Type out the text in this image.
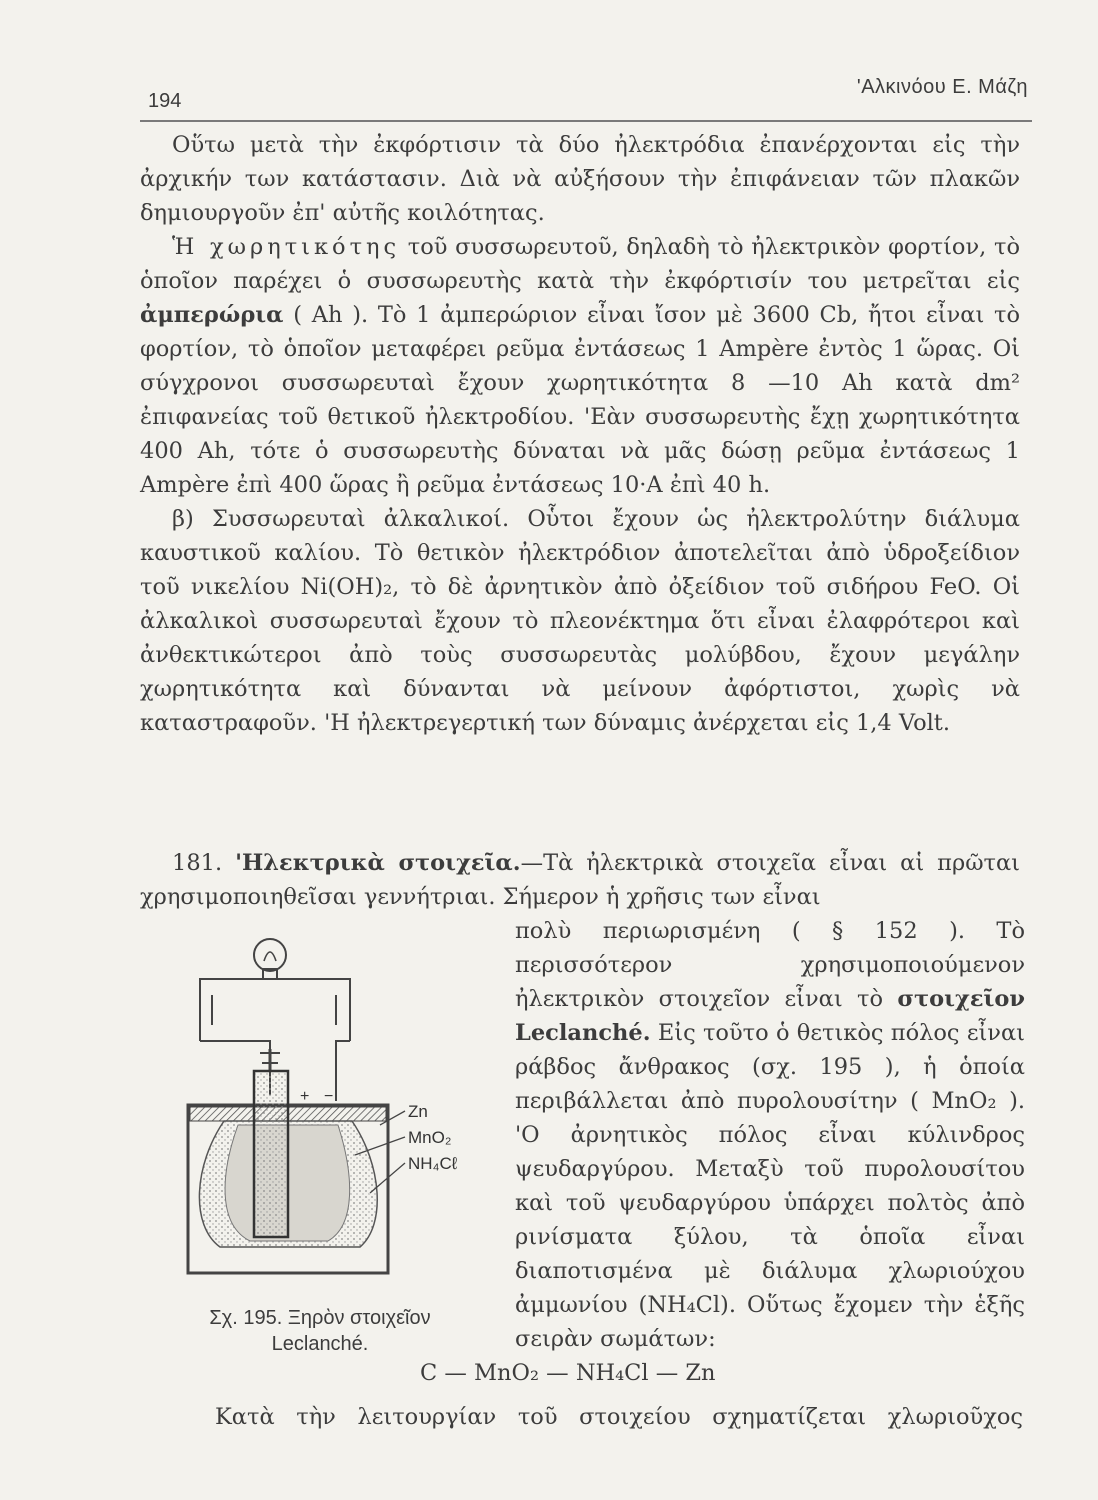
194
'Αλκινόου Ε. Μάζη

Οὕτω μετὰ τὴν ἐκφόρτισιν τὰ δύο ἠλεκτρόδια ἐπανέρχονται εἰς τὴν ἀρχικήν των κατάστασιν. Διὰ νὰ αὐξήσουν τὴν ἐπιφάνειαν τῶν πλακῶν δημιουργοῦν ἐπ' αὐτῆς κοιλότητας.

Ἡ χωρητικότης τοῦ συσσωρευτοῦ, δηλαδὴ τὸ ἠλεκτρικὸν φορτίον, τὸ ὁποῖον παρέχει ὁ συσσωρευτὴς κατὰ τὴν ἐκφόρτισίν του μετρεῖται εἰς ἀμπερώρια ( Ah ). Τὸ 1 ἀμπερώριον εἶναι ἴσον μὲ 3600 Cb, ἤτοι εἶναι τὸ φορτίον, τὸ ὁποῖον μεταφέρει ρεῦμα ἐντάσεως 1 Ampère ἐντὸς 1 ὥρας. Οἱ σύγχρονοι συσσωρευταὶ ἔχουν χωρητικότητα 8 —10 Ah κατὰ dm² ἐπιφανείας τοῦ θετικοῦ ἠλεκτροδίου. 'Εὰν συσσωρευτὴς ἔχῃ χωρητικότητα 400 Ah, τότε ὁ συσσωρευτὴς δύναται νὰ μᾶς δώσῃ ρεῦμα ἐντάσεως 1 Ampère ἐπὶ 400 ὥρας ἢ ρεῦμα ἐντάσεως 10·A ἐπὶ 40 h.

β) Συσσωρευταὶ ἀλκαλικοί. Οὗτοι ἔχουν ὡς ἠλεκτρολύτην διάλυμα καυστικοῦ καλίου. Τὸ θετικὸν ἠλεκτρόδιον ἀποτελεῖται ἀπὸ ὑδροξείδιον τοῦ νικελίου Ni(OH)₂, τὸ δὲ ἀρνητικὸν ἀπὸ ὀξείδιον τοῦ σιδήρου FeO. Οἱ ἀλκαλικοὶ συσσωρευταὶ ἔχουν τὸ πλεονέκτημα ὅτι εἶναι ἐλαφρότεροι καὶ ἀνθεκτικώτεροι ἀπὸ τοὺς συσσωρευτὰς μολύβδου, ἔχουν μεγάλην χωρητικότητα καὶ δύνανται νὰ μείνουν ἀφόρτιστοι, χωρὶς νὰ καταστραφοῦν. 'Η ἠλεκτρεγερτική των δύναμις ἀνέρχεται εἰς 1,4 Volt.

181. 'Ηλεκτρικὰ στοιχεῖα.—Τὰ ἠλεκτρικὰ στοιχεῖα εἶναι αἱ πρῶται χρησιμοποιηθεῖσαι γεννήτριαι. Σήμερον ἡ χρῆσις των εἶναι

πολὺ περιωρισμένη ( § 152 ). Τὸ περισσότερον χρησιμοποιούμενον ἠλεκτρικὸν στοιχεῖον εἶναι τὸ στοιχεῖον Leclanché. Εἰς τοῦτο ὁ θετικὸς πόλος εἶναι ράβδος ἄνθρακος (σχ. 195 ), ἡ ὁποία περιβάλλεται ἀπὸ πυρολουσίτην ( MnO₂ ). 'Ο ἀρνητικὸς πόλος εἶναι κύλινδρος ψευδαργύρου. Μεταξὺ τοῦ πυρολουσίτου καὶ τοῦ ψευδαργύρου ὑπάρχει πολτὸς ἀπὸ ρινίσματα ξύλου, τὰ ὁποῖα εἶναι διαποτισμένα μὲ διάλυμα χλωριούχου ἀμμωνίου (NH₄Cl). Οὕτως ἔχομεν τὴν ἑξῆς σειρὰν σωμάτων:

+ −
Zn
MnO₂
NH₄Cℓ
Σχ. 195. Ξηρὸν στοιχεῖον
Leclanché.
C — MnO₂ — NH₄Cl — Zn
Κατὰ τὴν λειτουργίαν τοῦ στοιχείου σχηματίζεται χλωριοῦχος
